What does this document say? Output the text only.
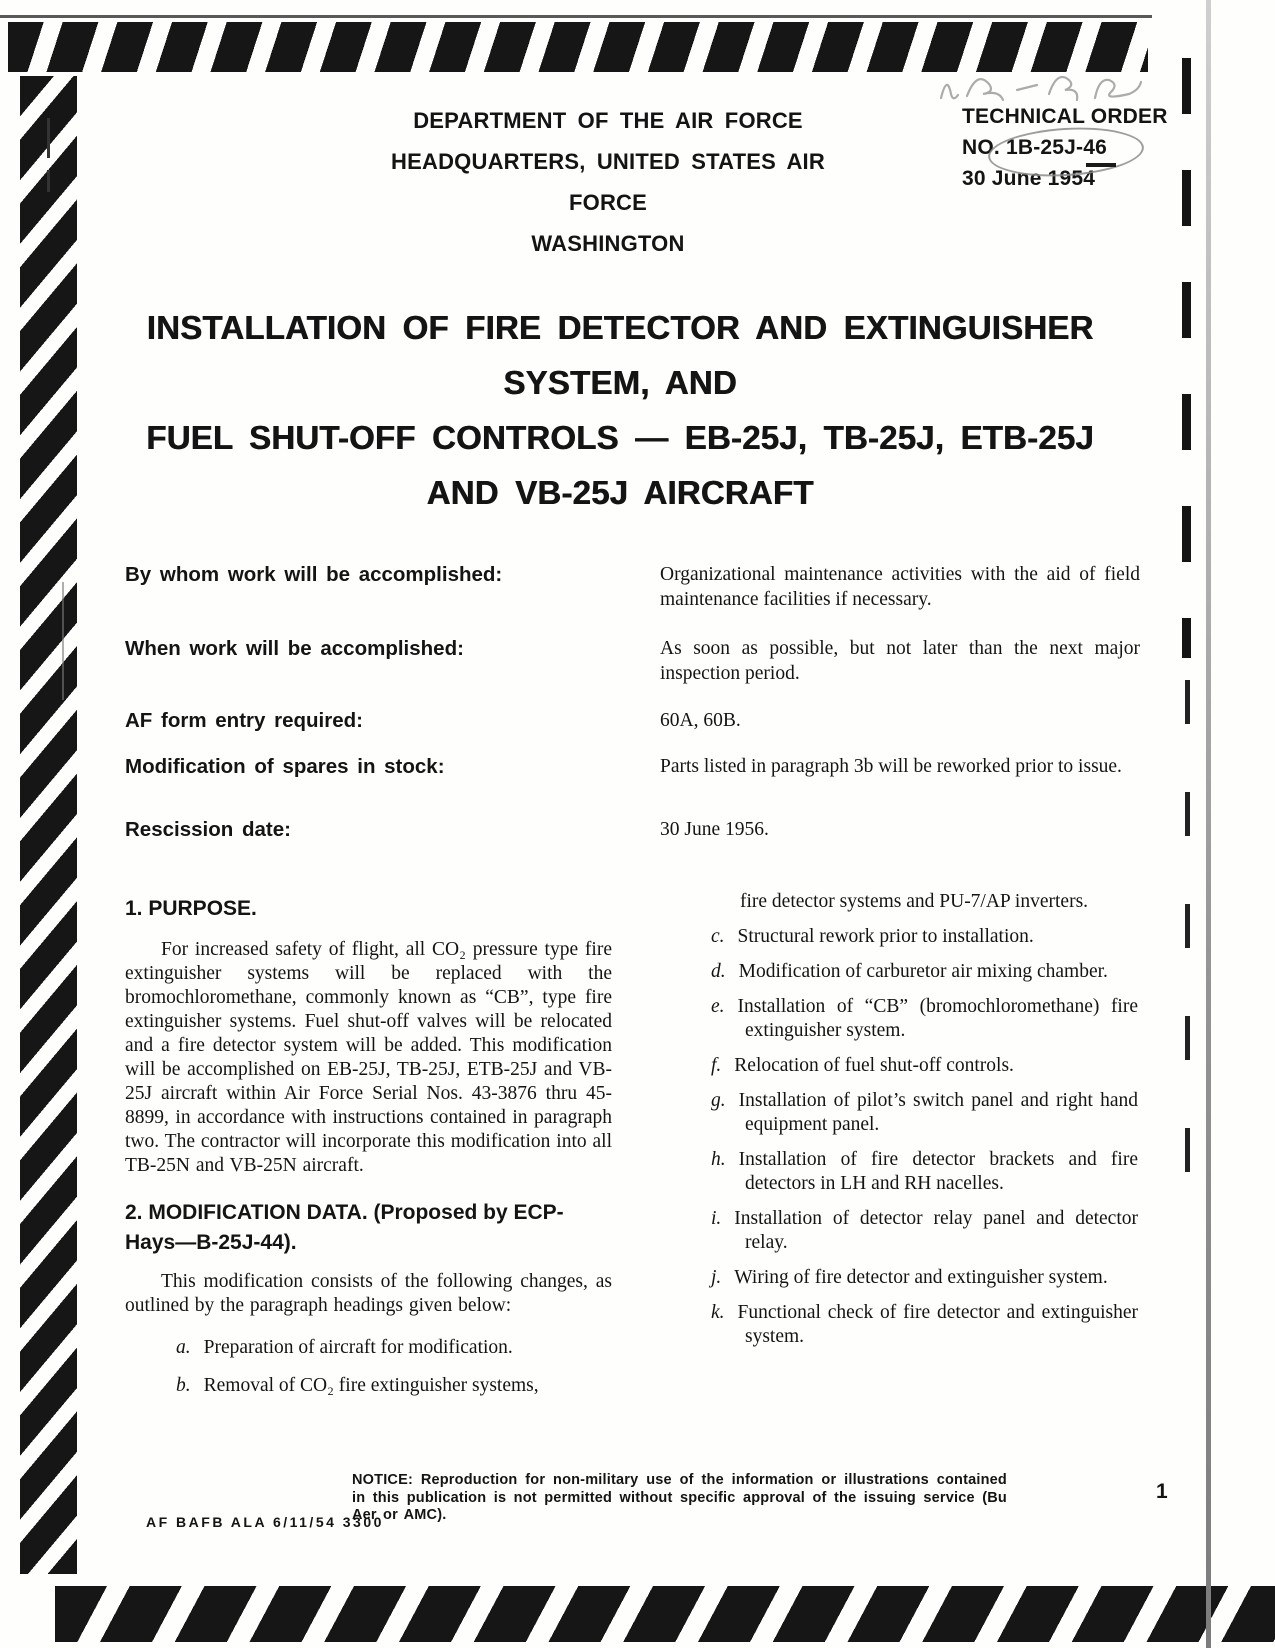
DEPARTMENT OF THE AIR FORCE
HEADQUARTERS, UNITED STATES AIR FORCE
WASHINGTON
TECHNICAL ORDER
NO. 1B-25J-46
30 June 1954
INSTALLATION OF FIRE DETECTOR AND EXTINGUISHER SYSTEM, AND
FUEL SHUT-OFF CONTROLS — EB-25J, TB-25J, ETB-25J
AND VB-25J AIRCRAFT
By whom work will be accomplished:	Organizational maintenance activities with the aid of field maintenance facilities if necessary.
When work will be accomplished:	As soon as possible, but not later than the next major inspection period.
AF form entry required:	60A, 60B.
Modification of spares in stock:	Parts listed in paragraph 3b will be reworked prior to issue.
Rescission date:	30 June 1956.
1. PURPOSE.

For increased safety of flight, all CO₂ pressure type fire extinguisher systems will be replaced with the bromochloromethane, commonly known as “CB”, type fire extinguisher systems. Fuel shut-off valves will be relocated and a fire detector system will be added. This modification will be accomplished on EB-25J, TB-25J, ETB-25J and VB-25J aircraft within Air Force Serial Nos. 43-3876 thru 45-8899, in accordance with instructions contained in paragraph two. The contractor will incorporate this modification into all TB-25N and VB-25N aircraft.

2. MODIFICATION DATA. (Proposed by ECP-Hays—B-25J-44).

This modification consists of the following changes, as outlined by the paragraph headings given below:

a. Preparation of aircraft for modification.
b. Removal of CO₂ fire extinguisher systems,

fire detector systems and PU-7/AP inverters.

c. Structural rework prior to installation.
d. Modification of carburetor air mixing chamber.
e. Installation of “CB” (bromochloromethane) fire extinguisher system.
f. Relocation of fuel shut-off controls.
g. Installation of pilot’s switch panel and right hand equipment panel.
h. Installation of fire detector brackets and fire detectors in LH and RH nacelles.
i. Installation of detector relay panel and detector relay.
j. Wiring of fire detector and extinguisher system.
k. Functional check of fire detector and extinguisher system.
NOTICE: Reproduction for non-military use of the information or illustrations contained in this publication is not permitted without specific approval of the issuing service (Bu Aer or AMC).
AF BAFB ALA 6/11/54 3300
1
